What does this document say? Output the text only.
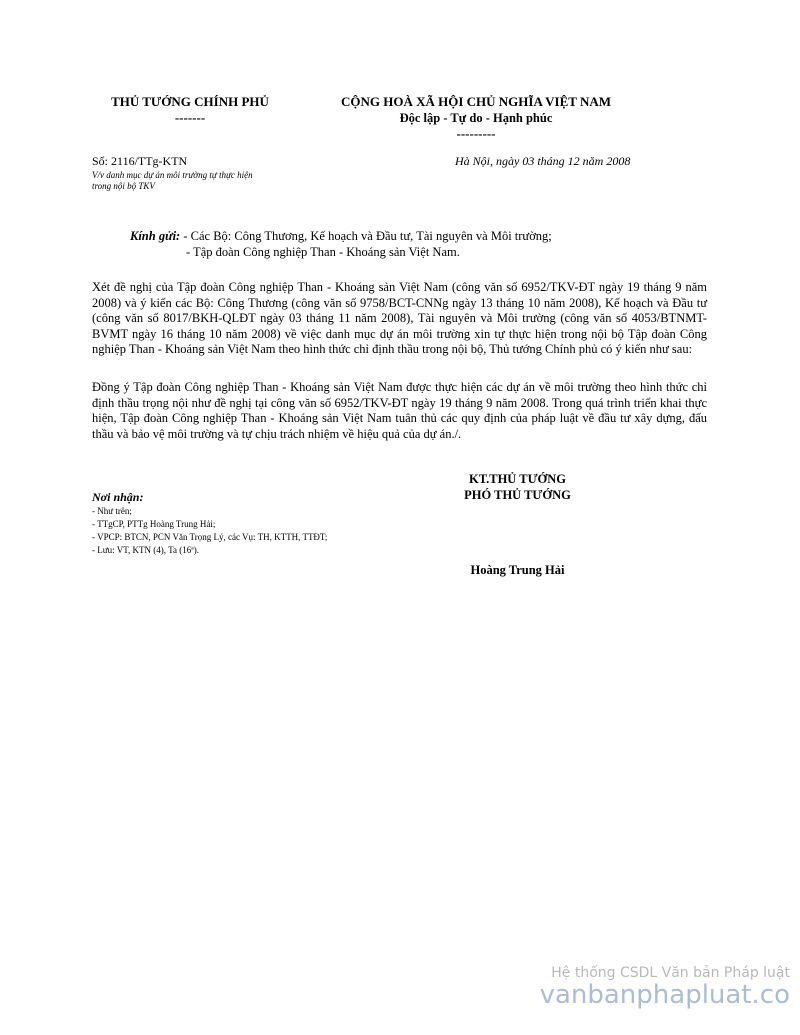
THỦ TƯỚNG CHÍNH PHỦ
-------
CỘNG HOÀ XÃ HỘI CHỦ NGHĨA VIỆT NAM
Độc lập - Tự do - Hạnh phúc
---------
Số: 2116/TTg-KTN
V/v danh mục dự án môi trường tự thực hiện
trong nội bộ TKV
Hà Nội, ngày 03 tháng 12 năm 2008
Kính gửi: - Các Bộ: Công Thương, Kế hoạch và Đầu tư, Tài nguyên và Môi trường;
- Tập đoàn Công nghiệp Than - Khoáng sản Việt Nam.
Xét đề nghị của Tập đoàn Công nghiệp Than - Khoáng sản Việt Nam (công văn số 6952/TKV-ĐT ngày 19 tháng 9 năm 2008) và ý kiến các Bộ: Công Thương (công văn số 9758/BCT-CNNg ngày 13 tháng 10 năm 2008), Kế hoạch và Đầu tư (công văn số 8017/BKH-QLĐT ngày 03 tháng 11 năm 2008), Tài nguyên và Môi trường (công văn số 4053/BTNMT-BVMT ngày 16 tháng 10 năm 2008) về việc danh mục dự án môi trường xin tự thực hiện trong nội bộ Tập đoàn Công nghiệp Than - Khoáng sản Việt Nam theo hình thức chỉ định thầu trong nội bộ, Thủ tướng Chính phủ có ý kiến như sau:
Đồng ý Tập đoàn Công nghiệp Than - Khoáng sản Việt Nam được thực hiện các dự án về môi trường theo hình thức chỉ định thầu trọng nội như đề nghị tại công văn số 6952/TKV-ĐT ngày 19 tháng 9 năm 2008. Trong quá trình triển khai thực hiện, Tập đoàn Công nghiệp Than - Khoáng sản Việt Nam tuân thủ các quy định của pháp luật về đầu tư xây dựng, đấu thầu và bảo vệ môi trường và tự chịu trách nhiệm về hiệu quả của dự án./.
KT.THỦ TƯỚNG
PHÓ THỦ TƯỚNG
Hoàng Trung Hải
Nơi nhận:
- Như trên;
- TTgCP, PTTg Hoàng Trung Hải;
- VPCP: BTCN, PCN Văn Trọng Lý, các Vụ: TH, KTTH, TTĐT;
- Lưu: VT, KTN (4), Ta (16ª).
Hệ thống CSDL Văn bản Pháp luật
vanbanphapluat.co
